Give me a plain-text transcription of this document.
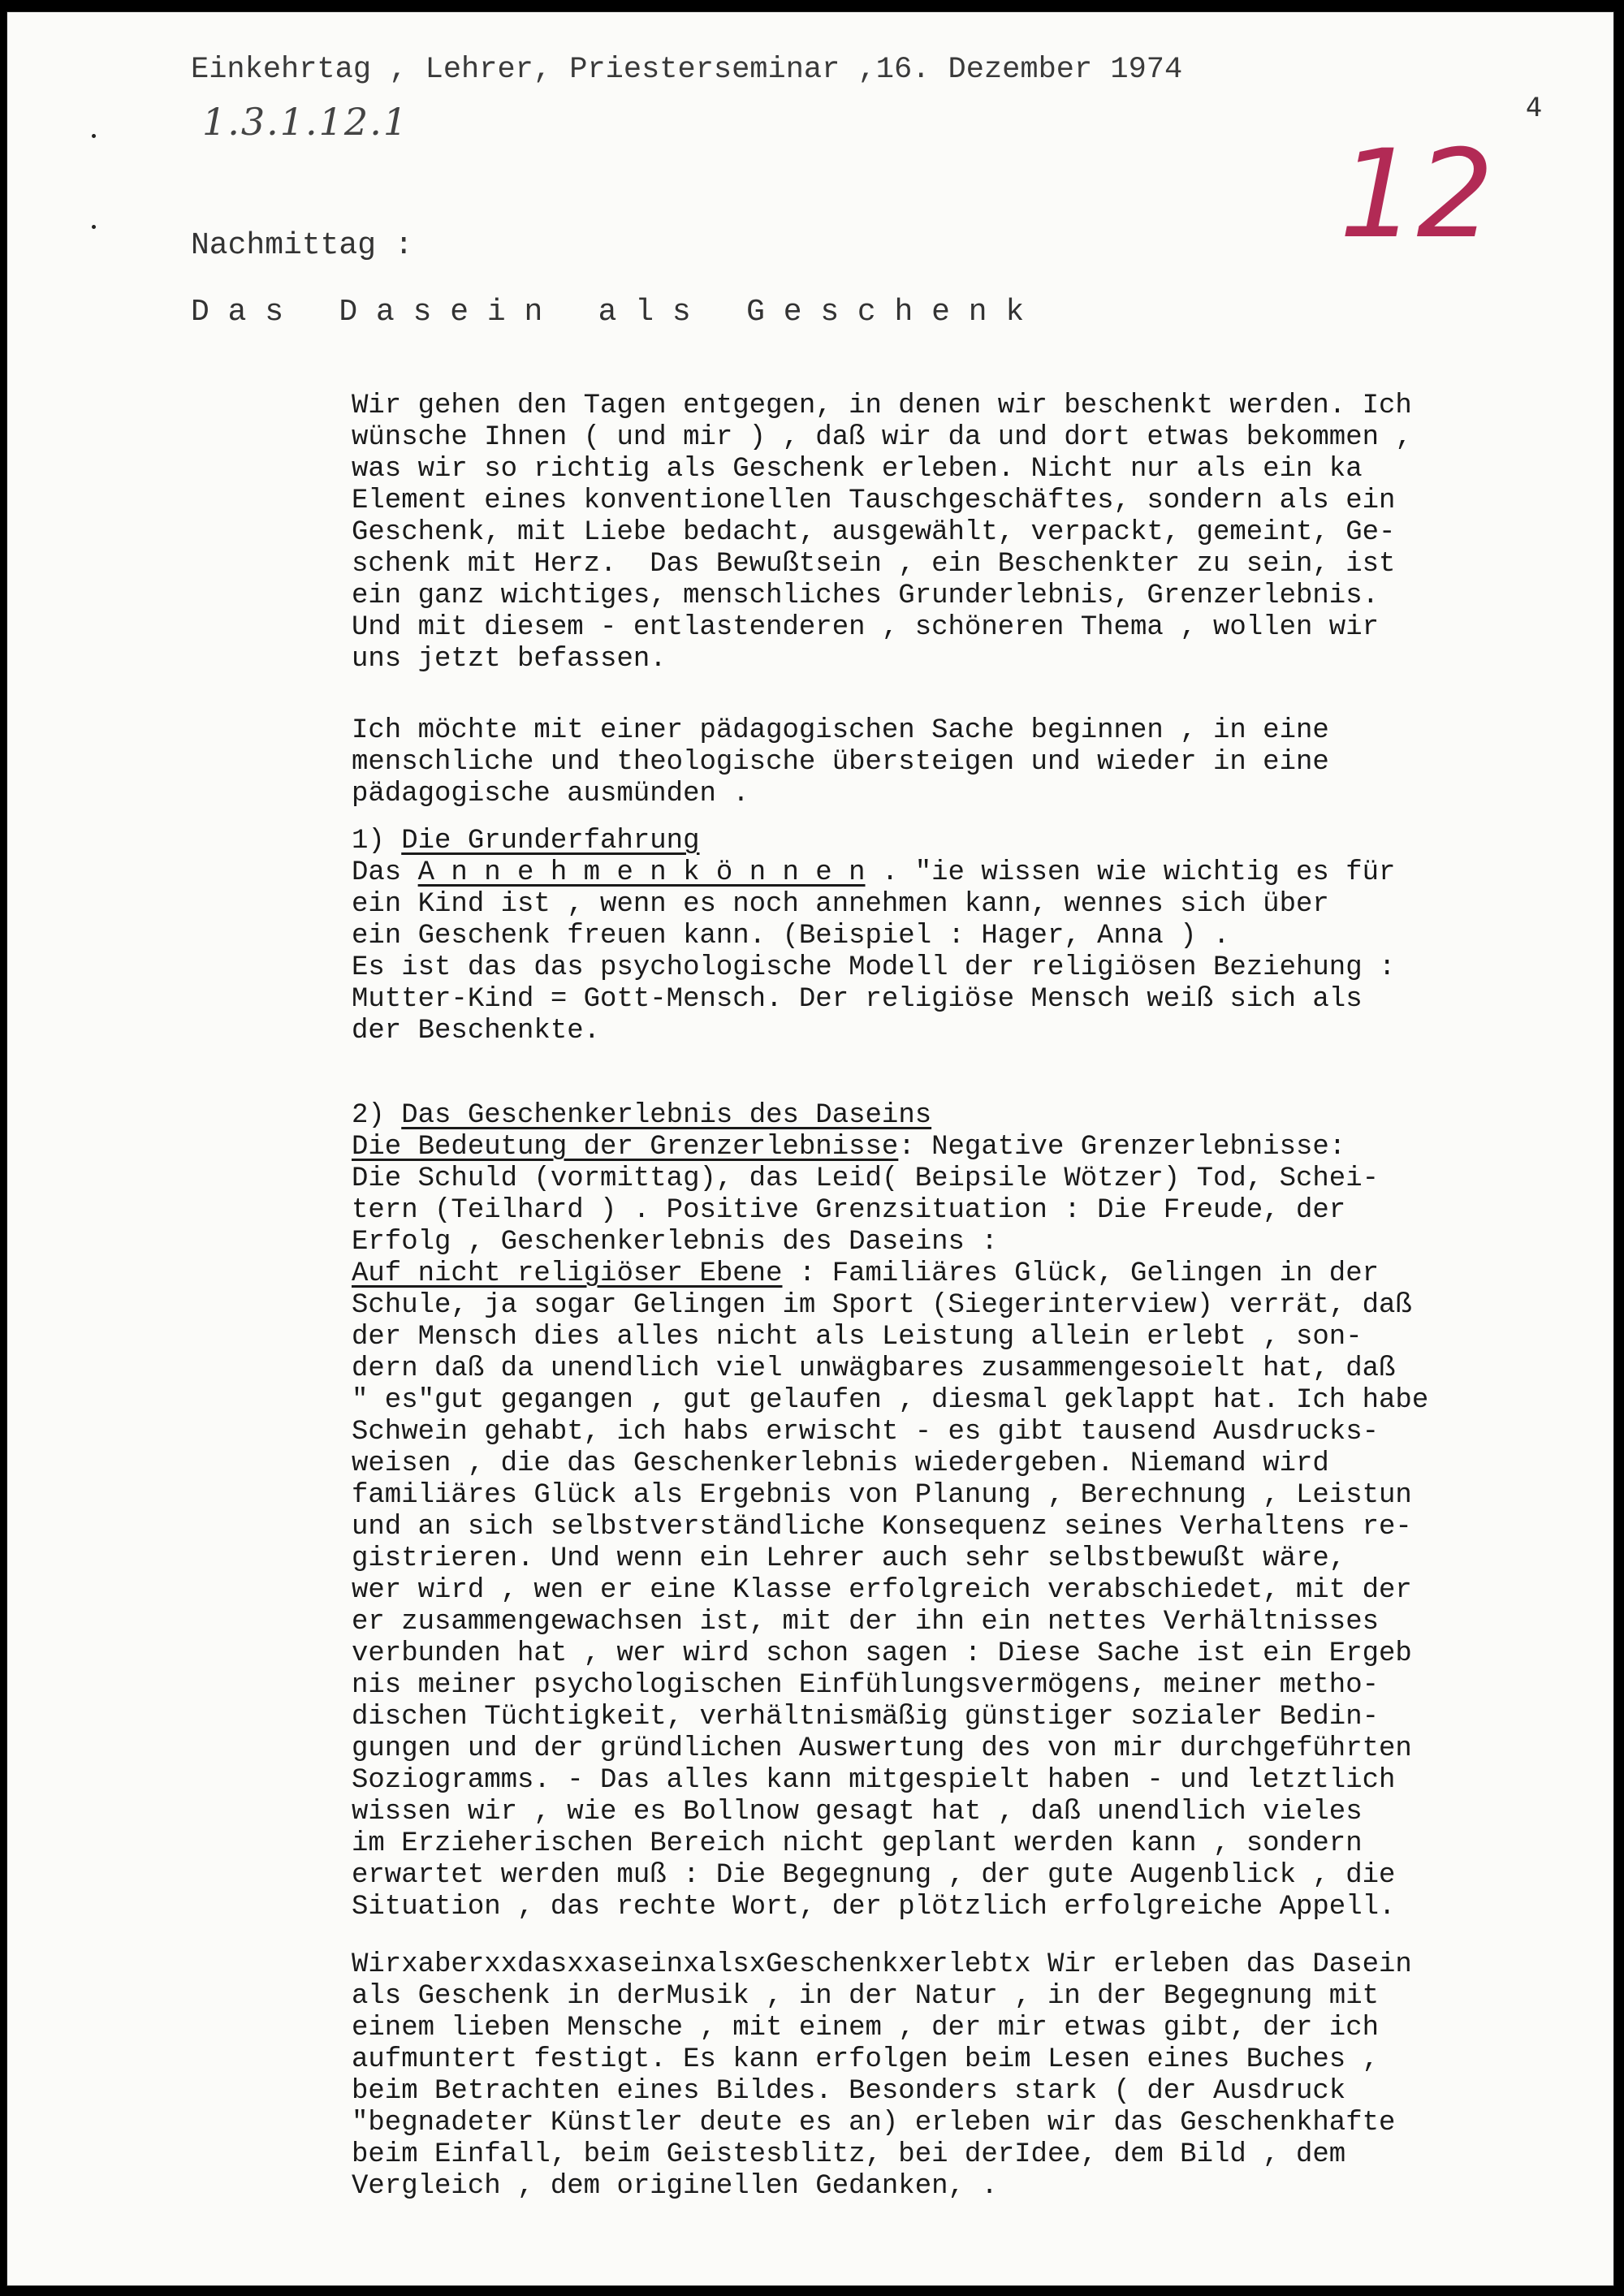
Einkehrtag , Lehrer, Priesterseminar ,16. Dezember 1974
1.3.1.12.1	4
12
Nachmittag :
D a s   D a s e i n   a l s   G e s c h e n k

Wir gehen den Tagen entgegen, in denen wir beschenkt werden. Ich

wünsche Ihnen ( und mir ) , daß wir da und dort etwas bekommen ,

was wir so richtig als Geschenk erleben. Nicht nur als ein ka

Element eines konventionellen Tauschgeschäftes, sondern als ein

Geschenk, mit Liebe bedacht, ausgewählt, verpackt, gemeint, Ge-

schenk mit Herz.  Das Bewußtsein , ein Beschenkter zu sein, ist

ein ganz wichtiges, menschliches Grunderlebnis, Grenzerlebnis.

Und mit diesem - entlastenderen , schöneren Thema , wollen wir

uns jetzt befassen.

Ich möchte mit einer pädagogischen Sache beginnen , in eine

menschliche und theologische übersteigen und wieder in eine

pädagogische ausmünden .

1) Die Grunderfahrung

Das A n n e h m e n k ö n n e n . "ie wissen wie wichtig es für

ein Kind ist , wenn es noch annehmen kann, wennes sich über

ein Geschenk freuen kann. (Beispiel : Hager, Anna ) .

Es ist das das psychologische Modell der religiösen Beziehung :

Mutter-Kind = Gott-Mensch. Der religiöse Mensch weiß sich als

der Beschenkte.

2) Das Geschenkerlebnis des Daseins

Die Bedeutung der Grenzerlebnisse: Negative Grenzerlebnisse:

Die Schuld (vormittag), das Leid( Beipsile Wötzer) Tod, Schei-

tern (Teilhard ) . Positive Grenzsituation : Die Freude, der

Erfolg , Geschenkerlebnis des Daseins :

Auf nicht religiöser Ebene : Familiäres Glück, Gelingen in der

Schule, ja sogar Gelingen im Sport (Siegerinterview) verrät, daß

der Mensch dies alles nicht als Leistung allein erlebt , son-

dern daß da unendlich viel unwägbares zusammengesoielt hat, daß

" es"gut gegangen , gut gelaufen , diesmal geklappt hat. Ich habe

Schwein gehabt, ich habs erwischt - es gibt tausend Ausdrucks-

weisen , die das Geschenkerlebnis wiedergeben. Niemand wird

familiäres Glück als Ergebnis von Planung , Berechnung , Leistun

und an sich selbstverständliche Konsequenz seines Verhaltens re-

gistrieren. Und wenn ein Lehrer auch sehr selbstbewußt wäre,

wer wird , wen er eine Klasse erfolgreich verabschiedet, mit der

er zusammengewachsen ist, mit der ihn ein nettes Verhältnisses

verbunden hat , wer wird schon sagen : Diese Sache ist ein Ergeb

nis meiner psychologischen Einfühlungsvermögens, meiner metho-

dischen Tüchtigkeit, verhältnismäßig günstiger sozialer Bedin-

gungen und der gründlichen Auswertung des von mir durchgeführten

Soziogramms. - Das alles kann mitgespielt haben - und letztlich

wissen wir , wie es Bollnow gesagt hat , daß unendlich vieles

im Erzieherischen Bereich nicht geplant werden kann , sondern

erwartet werden muß : Die Begegnung , der gute Augenblick , die

Situation , das rechte Wort, der plötzlich erfolgreiche Appell.

WirxaberxxdasxxaseinxalsxGeschenkxerlebtx Wir erleben das Dasein

als Geschenk in derMusik , in der Natur , in der Begegnung mit

einem lieben Mensche , mit einem , der mir etwas gibt, der ich

aufmuntert festigt. Es kann erfolgen beim Lesen eines Buches ,

beim Betrachten eines Bildes. Besonders stark ( der Ausdruck

"begnadeter Künstler deute es an) erleben wir das Geschenkhafte

beim Einfall, beim Geistesblitz, bei derIdee, dem Bild , dem

Vergleich , dem originellen Gedanken, .
